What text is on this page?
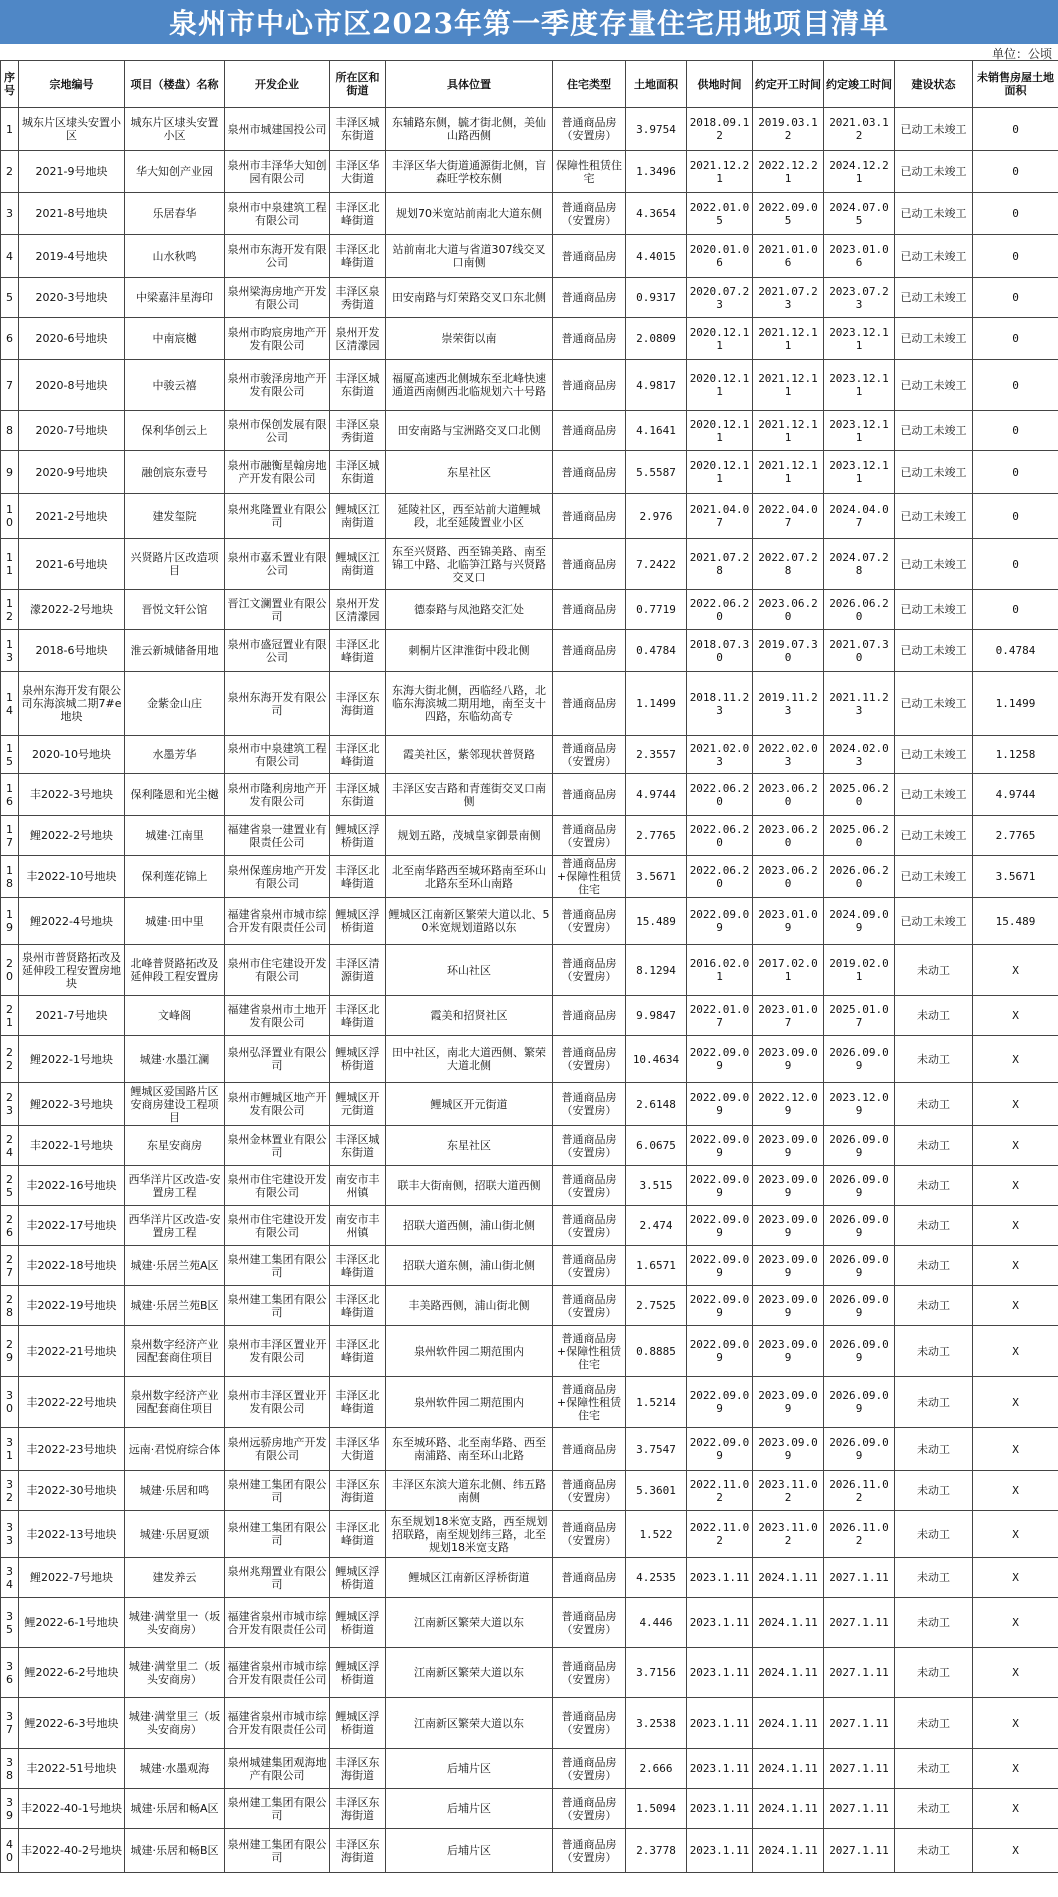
泉州市中心市区2023年第一季度存量住宅用地项目清单
单位：公顷
序号	宗地编号	项目（楼盘）名称	开发企业	所在区和街道	具体位置	住宅类型	土地面积	供地时间	约定开工时间	约定竣工时间	建设状态	未销售房屋土地面积
1	城东片区埭头安置小区	城东片区埭头安置小区	泉州市城建国投公司	丰泽区城东街道	东辅路东侧，毓才街北侧，美仙山路西侧	普通商品房（安置房）	3.9754	2018.09.12	2019.03.12	2021.03.12	已动工未竣工	0
2	2021-9号地块	华大知创产业园	泉州市丰泽华大知创园有限公司	丰泽区华大街道	丰泽区华大街道通源街北侧，盲森旺学校东侧	保障性租赁住宅	1.3496	2021.12.21	2022.12.21	2024.12.21	已动工未竣工	0
3	2021-8号地块	乐居春华	泉州市中泉建筑工程有限公司	丰泽区北峰街道	规划70米宽站前南北大道东侧	普通商品房（安置房）	4.3654	2022.01.05	2022.09.05	2024.07.05	已动工未竣工	0
4	2019-4号地块	山水秋鸣	泉州市东海开发有限公司	丰泽区北峰街道	站前南北大道与省道307线交叉口南侧	普通商品房	4.4015	2020.01.06	2021.01.06	2023.01.06	已动工未竣工	0
5	2020-3号地块	中梁嘉沣星海印	泉州梁海房地产开发有限公司	丰泽区泉秀街道	田安南路与灯荣路交叉口东北侧	普通商品房	0.9317	2020.07.23	2021.07.23	2023.07.23	已动工未竣工	0
6	2020-6号地块	中南宸樾	泉州市昀宸房地产开发有限公司	泉州开发区清濛园	崇荣街以南	普通商品房	2.0809	2020.12.11	2021.12.11	2023.12.11	已动工未竣工	0
7	2020-8号地块	中骏云禧	泉州市骏泽房地产开发有限公司	丰泽区城东街道	福厦高速西北侧城东至北峰快速通道西南侧西北临规划六十号路	普通商品房	4.9817	2020.12.11	2021.12.11	2023.12.11	已动工未竣工	0
8	2020-7号地块	保利华创云上	泉州市保创发展有限公司	丰泽区泉秀街道	田安南路与宝洲路交叉口北侧	普通商品房	4.1641	2020.12.11	2021.12.11	2023.12.11	已动工未竣工	0
9	2020-9号地块	融创宸东壹号	泉州市融衡星翰房地产开发有限公司	丰泽区城东街道	东星社区	普通商品房	5.5587	2020.12.11	2021.12.11	2023.12.11	已动工未竣工	0
10	2021-2号地块	建发玺院	泉州兆隆置业有限公司	鲤城区江南街道	延陵社区，西至站前大道鲤城段，北至延陵置业小区	普通商品房	2.976	2021.04.07	2022.04.07	2024.04.07	已动工未竣工	0
11	2021-6号地块	兴贤路片区改造项目	泉州市嘉禾置业有限公司	鲤城区江南街道	东至兴贤路、西至锦美路、南至锦工中路、北临笋江路与兴贤路交叉口	普通商品房	7.2422	2021.07.28	2022.07.28	2024.07.28	已动工未竣工	0
12	濛2022-2号地块	晋悦文轩公馆	晋江文澜置业有限公司	泉州开发区清濛园	德泰路与凤池路交汇处	普通商品房	0.7719	2022.06.20	2023.06.20	2026.06.20	已动工未竣工	0
13	2018-6号地块	淮云新城储备用地	泉州市盛冠置业有限公司	丰泽区北峰街道	刺桐片区津淮街中段北侧	普通商品房	0.4784	2018.07.30	2019.07.30	2021.07.30	已动工未竣工	0.4784
14	泉州东海开发有限公司东海滨城二期7#e地块	金紫金山庄	泉州东海开发有限公司	丰泽区东海街道	东海大街北侧，西临经八路，北临东海滨城二期用地，南至支十四路，东临幼高专	普通商品房	1.1499	2018.11.23	2019.11.23	2021.11.23	已动工未竣工	1.1499
15	2020-10号地块	水墨芳华	泉州市中泉建筑工程有限公司	丰泽区北峰街道	霞美社区，紫邻现状普贤路	普通商品房（安置房）	2.3557	2021.02.03	2022.02.03	2024.02.03	已动工未竣工	1.1258
16	丰2022-3号地块	保利隆恩和光尘樾	泉州市隆利房地产开发有限公司	丰泽区城东街道	丰泽区安吉路和青莲街交叉口南侧	普通商品房	4.9744	2022.06.20	2023.06.20	2025.06.20	已动工未竣工	4.9744
17	鲤2022-2号地块	城建·江南里	福建省泉一建置业有限责任公司	鲤城区浮桥街道	规划五路，茂城皇家御景南侧	普通商品房（安置房）	2.7765	2022.06.20	2023.06.20	2025.06.20	已动工未竣工	2.7765
18	丰2022-10号地块	保利莲花锦上	泉州保莲房地产开发有限公司	丰泽区北峰街道	北至南华路西至城环路南至环山北路东至环山南路	普通商品房+保障性租赁住宅	3.5671	2022.06.20	2023.06.20	2026.06.20	已动工未竣工	3.5671
19	鲤2022-4号地块	城建·田中里	福建省泉州市城市综合开发有限责任公司	鲤城区浮桥街道	鲤城区江南新区繁荣大道以北、50米宽规划道路以东	普通商品房（安置房）	15.489	2022.09.09	2023.01.09	2024.09.09	已动工未竣工	15.489
20	泉州市普贤路拓改及延伸段工程安置房地块	北峰普贤路拓改及延伸段工程安置房	泉州市住宅建设开发有限公司	丰泽区清源街道	环山社区	普通商品房（安置房）	8.1294	2016.02.01	2017.02.01	2019.02.01	未动工	X
21	2021-7号地块	文峰阁	福建省泉州市土地开发有限公司	丰泽区北峰街道	霞美和招贤社区	普通商品房	9.9847	2022.01.07	2023.01.07	2025.01.07	未动工	X
22	鲤2022-1号地块	城建·水墨江澜	泉州弘泽置业有限公司	鲤城区浮桥街道	田中社区，南北大道西侧、繁荣大道北侧	普通商品房（安置房）	10.4634	2022.09.09	2023.09.09	2026.09.09	未动工	X
23	鲤2022-3号地块	鲤城区爱国路片区安商房建设工程项目	泉州市鲤城区地产开发有限公司	鲤城区开元街道	鲤城区开元街道	普通商品房（安置房）	2.6148	2022.09.09	2022.12.09	2023.12.09	未动工	X
24	丰2022-1号地块	东星安商房	泉州金林置业有限公司	丰泽区城东街道	东星社区	普通商品房（安置房）	6.0675	2022.09.09	2023.09.09	2026.09.09	未动工	X
25	丰2022-16号地块	西华洋片区改造-安置房工程	泉州市住宅建设开发有限公司	南安市丰州镇	联丰大街南侧，招联大道西侧	普通商品房（安置房）	3.515	2022.09.09	2023.09.09	2026.09.09	未动工	X
26	丰2022-17号地块	西华洋片区改造-安置房工程	泉州市住宅建设开发有限公司	南安市丰州镇	招联大道西侧，浦山街北侧	普通商品房（安置房）	2.474	2022.09.09	2023.09.09	2026.09.09	未动工	X
27	丰2022-18号地块	城建·乐居兰苑A区	泉州建工集团有限公司	丰泽区北峰街道	招联大道东侧，浦山街北侧	普通商品房（安置房）	1.6571	2022.09.09	2023.09.09	2026.09.09	未动工	X
28	丰2022-19号地块	城建·乐居兰苑B区	泉州建工集团有限公司	丰泽区北峰街道	丰美路西侧，浦山街北侧	普通商品房（安置房）	2.7525	2022.09.09	2023.09.09	2026.09.09	未动工	X
29	丰2022-21号地块	泉州数字经济产业园配套商住项目	泉州市丰泽区置业开发有限公司	丰泽区北峰街道	泉州软件园二期范围内	普通商品房+保障性租赁住宅	0.8885	2022.09.09	2023.09.09	2026.09.09	未动工	X
30	丰2022-22号地块	泉州数字经济产业园配套商住项目	泉州市丰泽区置业开发有限公司	丰泽区北峰街道	泉州软件园二期范围内	普通商品房+保障性租赁住宅	1.5214	2022.09.09	2023.09.09	2026.09.09	未动工	X
31	丰2022-23号地块	远南·君悦府综合体	泉州远骄房地产开发有限公司	丰泽区华大街道	东至城环路、北至南华路、西至南浦路、南至环山北路	普通商品房	3.7547	2022.09.09	2023.09.09	2026.09.09	未动工	X
32	丰2022-30号地块	城建·乐居和鸣	泉州建工集团有限公司	丰泽区东海街道	丰泽区东滨大道东北侧、纬五路南侧	普通商品房（安置房）	5.3601	2022.11.02	2023.11.02	2026.11.02	未动工	X
33	丰2022-13号地块	城建·乐居夏颂	泉州建工集团有限公司	丰泽区北峰街道	东至规划18米宽支路，西至规划招联路，南至规划纬三路，北至规划18米宽支路	普通商品房（安置房）	1.522	2022.11.02	2023.11.02	2026.11.02	未动工	X
34	鲤2022-7号地块	建发养云	泉州兆翔置业有限公司	鲤城区浮桥街道	鲤城区江南新区浮桥街道	普通商品房	4.2535	2023.1.11	2024.1.11	2027.1.11	未动工	X
35	鲤2022-6-1号地块	城建·满堂里一（坂头安商房）	福建省泉州市城市综合开发有限责任公司	鲤城区浮桥街道	江南新区繁荣大道以东	普通商品房（安置房）	4.446	2023.1.11	2024.1.11	2027.1.11	未动工	X
36	鲤2022-6-2号地块	城建·满堂里二（坂头安商房）	福建省泉州市城市综合开发有限责任公司	鲤城区浮桥街道	江南新区繁荣大道以东	普通商品房（安置房）	3.7156	2023.1.11	2024.1.11	2027.1.11	未动工	X
37	鲤2022-6-3号地块	城建·满堂里三（坂头安商房）	福建省泉州市城市综合开发有限责任公司	鲤城区浮桥街道	江南新区繁荣大道以东	普通商品房（安置房）	3.2538	2023.1.11	2024.1.11	2027.1.11	未动工	X
38	丰2022-51号地块	城建·水墨观海	泉州城建集团观海地产有限公司	丰泽区东海街道	后埔片区	普通商品房（安置房）	2.666	2023.1.11	2024.1.11	2027.1.11	未动工	X
39	丰2022-40-1号地块	城建·乐居和畅A区	泉州建工集团有限公司	丰泽区东海街道	后埔片区	普通商品房（安置房）	1.5094	2023.1.11	2024.1.11	2027.1.11	未动工	X
40	丰2022-40-2号地块	城建·乐居和畅B区	泉州建工集团有限公司	丰泽区东海街道	后埔片区	普通商品房（安置房）	2.3778	2023.1.11	2024.1.11	2027.1.11	未动工	X
